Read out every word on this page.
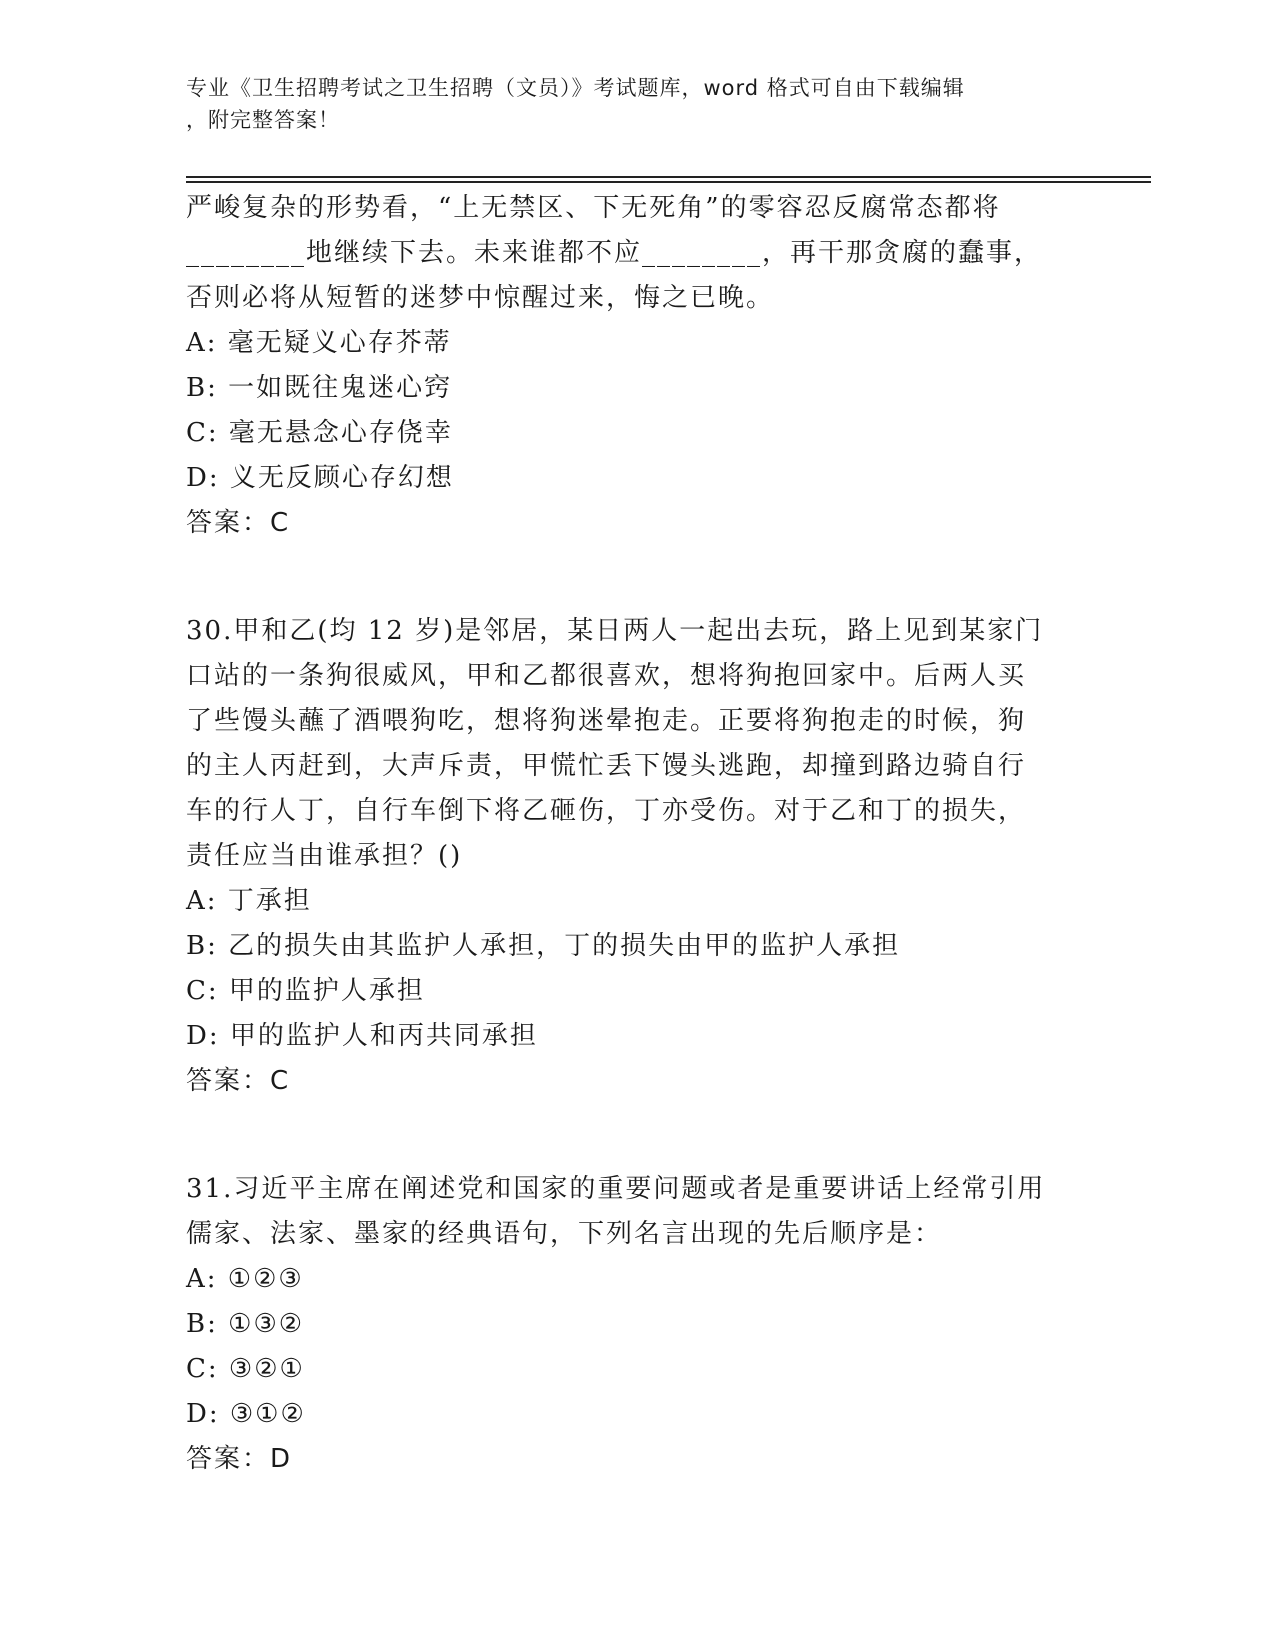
专业《卫生招聘考试之卫生招聘（文员）》考试题库，word 格式可自由下载编辑
，附完整答案！
严峻复杂的形势看，“上无禁区、下无死角”的零容忍反腐常态都将
________地继续下去。未来谁都不应________，再干那贪腐的蠢事，
否则必将从短暂的迷梦中惊醒过来，悔之已晚。
A: 毫无疑义心存芥蒂
B: 一如既往鬼迷心窍
C: 毫无悬念心存侥幸
D: 义无反顾心存幻想
答案：C
30.甲和乙(均 12 岁)是邻居，某日两人一起出去玩，路上见到某家门
口站的一条狗很威风，甲和乙都很喜欢，想将狗抱回家中。后两人买
了些馒头蘸了酒喂狗吃，想将狗迷晕抱走。正要将狗抱走的时候，狗
的主人丙赶到，大声斥责，甲慌忙丢下馒头逃跑，却撞到路边骑自行
车的行人丁，自行车倒下将乙砸伤，丁亦受伤。对于乙和丁的损失，
责任应当由谁承担？()
A: 丁承担
B: 乙的损失由其监护人承担，丁的损失由甲的监护人承担
C: 甲的监护人承担
D: 甲的监护人和丙共同承担
答案：C
31.习近平主席在阐述党和国家的重要问题或者是重要讲话上经常引用
儒家、法家、墨家的经典语句，下列名言出现的先后顺序是：
A: ①②③
B: ①③②
C: ③②①
D: ③①②
答案：D
